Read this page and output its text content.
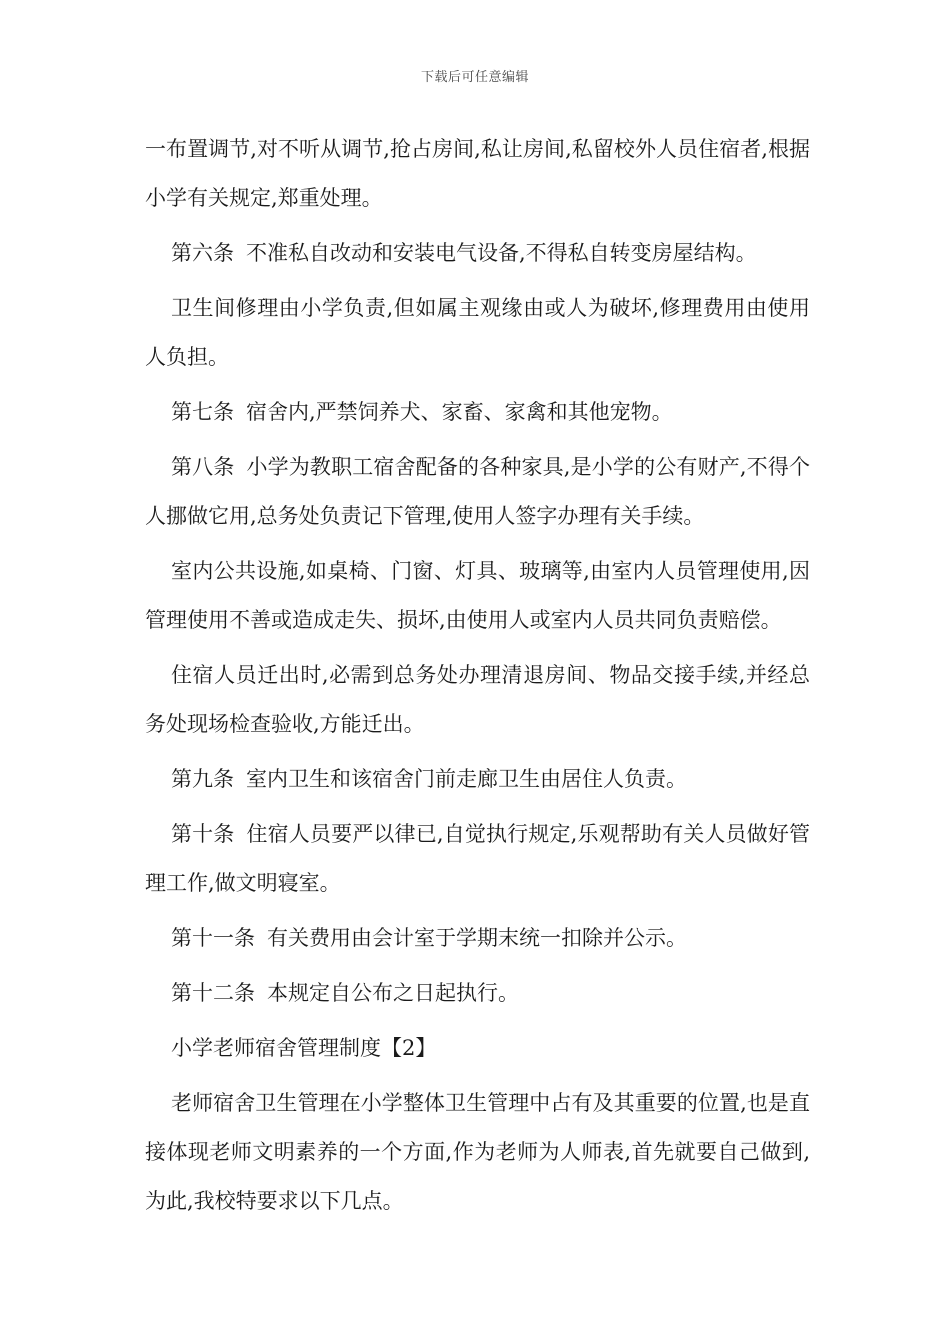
下载后可任意编辑

一布置调节,对不听从调节,抢占房间,私让房间,私留校外人员住宿者,根据小学有关规定,郑重处理。

第六条 不准私自改动和安装电气设备,不得私自转变房屋结构。

卫生间修理由小学负责,但如属主观缘由或人为破坏,修理费用由使用人负担。

第七条 宿舍内,严禁饲养犬、家畜、家禽和其他宠物。

第八条 小学为教职工宿舍配备的各种家具,是小学的公有财产,不得个人挪做它用,总务处负责记下管理,使用人签字办理有关手续。

室内公共设施,如桌椅、门窗、灯具、玻璃等,由室内人员管理使用,因管理使用不善或造成走失、损坏,由使用人或室内人员共同负责赔偿。

住宿人员迁出时,必需到总务处办理清退房间、物品交接手续,并经总务处现场检查验收,方能迁出。

第九条 室内卫生和该宿舍门前走廊卫生由居住人负责。

第十条 住宿人员要严以律已,自觉执行规定,乐观帮助有关人员做好管理工作,做文明寝室。

第十一条 有关费用由会计室于学期末统一扣除并公示。

第十二条 本规定自公布之日起执行。

小学老师宿舍管理制度【2】

老师宿舍卫生管理在小学整体卫生管理中占有及其重要的位置,也是直接体现老师文明素养的一个方面,作为老师为人师表,首先就要自己做到,为此,我校特要求以下几点。
